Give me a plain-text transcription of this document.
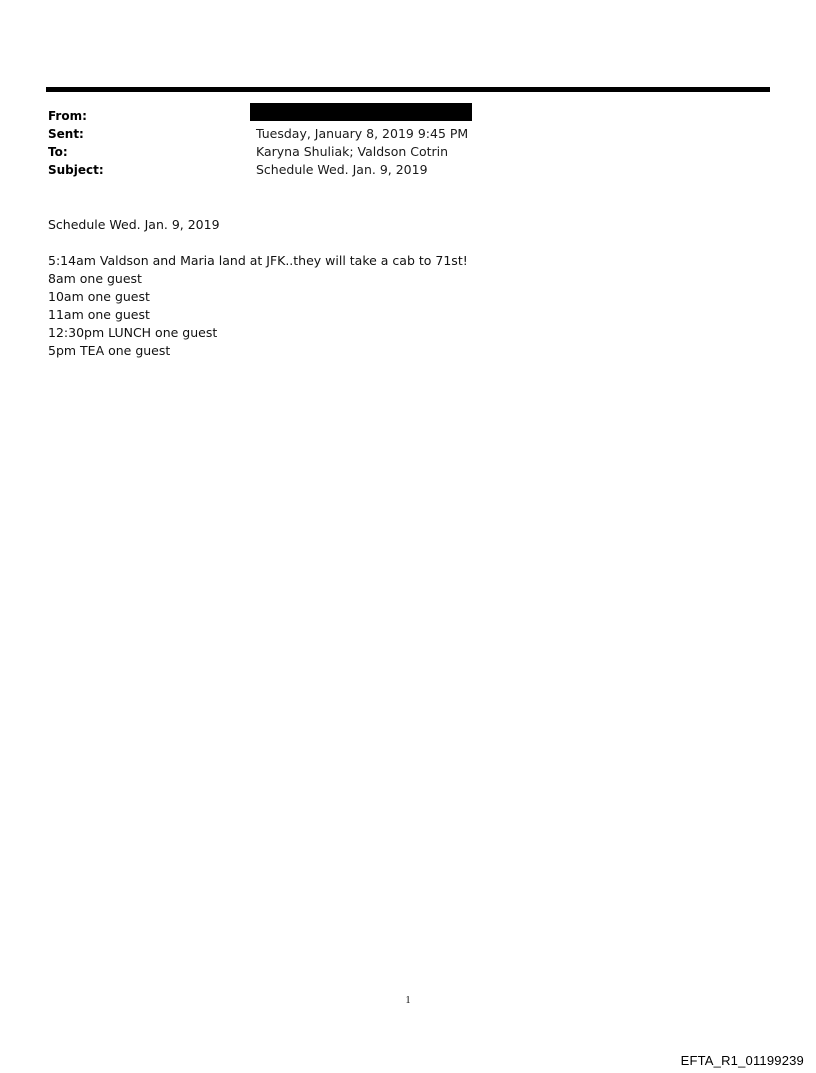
From:
Sent:	Tuesday, January 8, 2019 9:45 PM
To:	Karyna Shuliak; Valdson Cotrin
Subject:	Schedule Wed. Jan. 9, 2019
Schedule Wed. Jan. 9, 2019
5:14am Valdson and Maria land at JFK..they will take a cab to 71st!
8am one guest
10am one guest
11am one guest
12:30pm LUNCH one guest
5pm TEA one guest
1
EFTA_R1_01199239
